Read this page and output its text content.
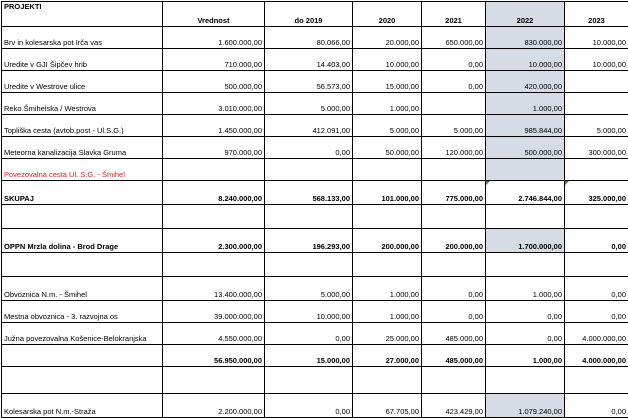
PROJEKTI	Vrednost	do 2019	2020	2021	2022	2023
Brv in kolesarska pot Irča vas	1.600.000,00	80.066,00	20.000,00	650.000,00	830.000,00	10.000,00
Uredite v GJI Šipčev hrib	710.000,00	14.403,00	10.000,00	0,00	10.000,00	10.000,00
Uredite v Westrove ulice	500.000,00	56.573,00	15.000,00	0,00	420.000,00	
Reko Šmihelska / Westrova	3.010.000,00	5.000,00	1.000,00		1.000,00	
Topliška cesta (avtob.post - Ul.S.G.)	1.450.000,00	412.091,00	5.000,00	5.000,00	985.844,00	5.000,00
Meteorna kanalizacija Slavka Gruma	970.000,00	0,00	50.000,00	120.000,00	500.000,00	300.000,00
Povezovalna cesta Ul. S.G. - Šmihel						
SKUPAJ	8.240.000,00	568.133,00	101.000,00	775.000,00	2.746.844,00	325.000,00

OPPN Mrzla dolina - Brod Drage	2.300.000,00	196.293,00	200.000,00	200.000,00	1.700.000,00	0,00

Obvoznica N.m. - Šmihel	13.400.000,00	5.000,00	1.000,00	0,00	1.000,00	0,00
Mestna obvoznica - 3. razvojna os	39.000.000,00	10.000,00	1.000,00	0,00	0,00	0,00
Južna povezovalna Košenice-Belokranjska	4.550.000,00	0,00	25.000,00	485.000,00	0,00	4.000.000,00
	56.950.000,00	15.000,00	27.000,00	485.000,00	1.000,00	4.000.000,00

Kolesarska pot N.m.-Straža	2.200.000,00	0,00	67.705,00	423.429,00	1.079.240,00	0,00
